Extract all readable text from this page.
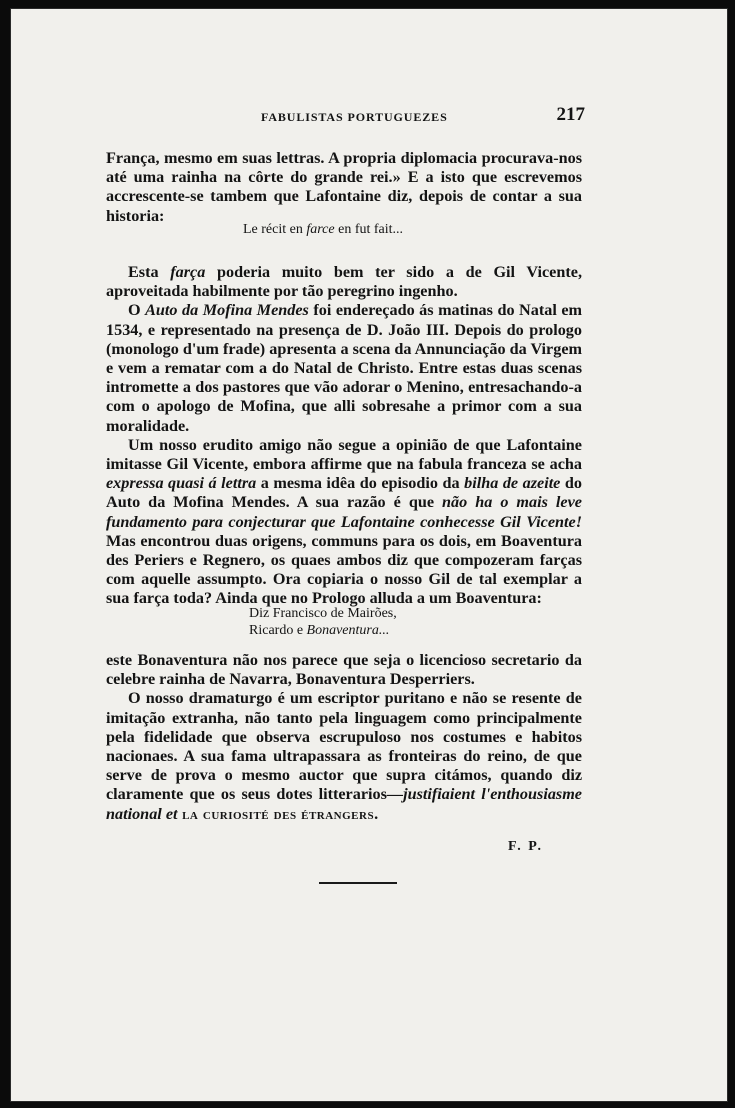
FABULISTAS PORTUGUEZES	217

França, mesmo em suas lettras. A propria diplomacia procurava-nos até uma rainha na côrte do grande rei.» E a isto que escrevemos accrescente-se tambem que Lafontaine diz, depois de contar a sua historia:

Le récit en farce en fut fait...

Esta farça poderia muito bem ter sido a de Gil Vicente, aproveitada habilmente por tão peregrino ingenho.

O Auto da Mofina Mendes foi endereçado ás matinas do Natal em 1534, e representado na presença de D. João III. Depois do prologo (monologo d'um frade) apresenta a scena da Annunciação da Virgem e vem a rematar com a do Natal de Christo. Entre estas duas scenas intromette a dos pastores que vão adorar o Menino, entresachando-a com o apologo de Mofina, que alli sobresahe a primor com a sua moralidade.

Um nosso erudito amigo não segue a opinião de que Lafontaine imitasse Gil Vicente, embora affirme que na fabula franceza se acha expressa quasi á lettra a mesma idêa do episodio da bilha de azeite do Auto da Mofina Mendes. A sua razão é que não ha o mais leve fundamento para conjecturar que Lafontaine conhecesse Gil Vicente! Mas encontrou duas origens, communs para os dois, em Boaventura des Periers e Regnero, os quaes ambos diz que compozeram farças com aquelle assumpto. Ora copiaria o nosso Gil de tal exemplar a sua farça toda? Ainda que no Prologo alluda a um Boaventura:

Diz Francisco de Mairões,
Ricardo e Bonaventura...

este Bonaventura não nos parece que seja o licencioso secretario da celebre rainha de Navarra, Bonaventura Desperriers.

O nosso dramaturgo é um escriptor puritano e não se resente de imitação extranha, não tanto pela linguagem como principalmente pela fidelidade que observa escrupuloso nos costumes e habitos nacionaes. A sua fama ultrapassara as fronteiras do reino, de que serve de prova o mesmo auctor que supra citámos, quando diz claramente que os seus dotes litterarios—justifiaient l'enthousiasme national et la curiosité des étrangers.

F. P.
